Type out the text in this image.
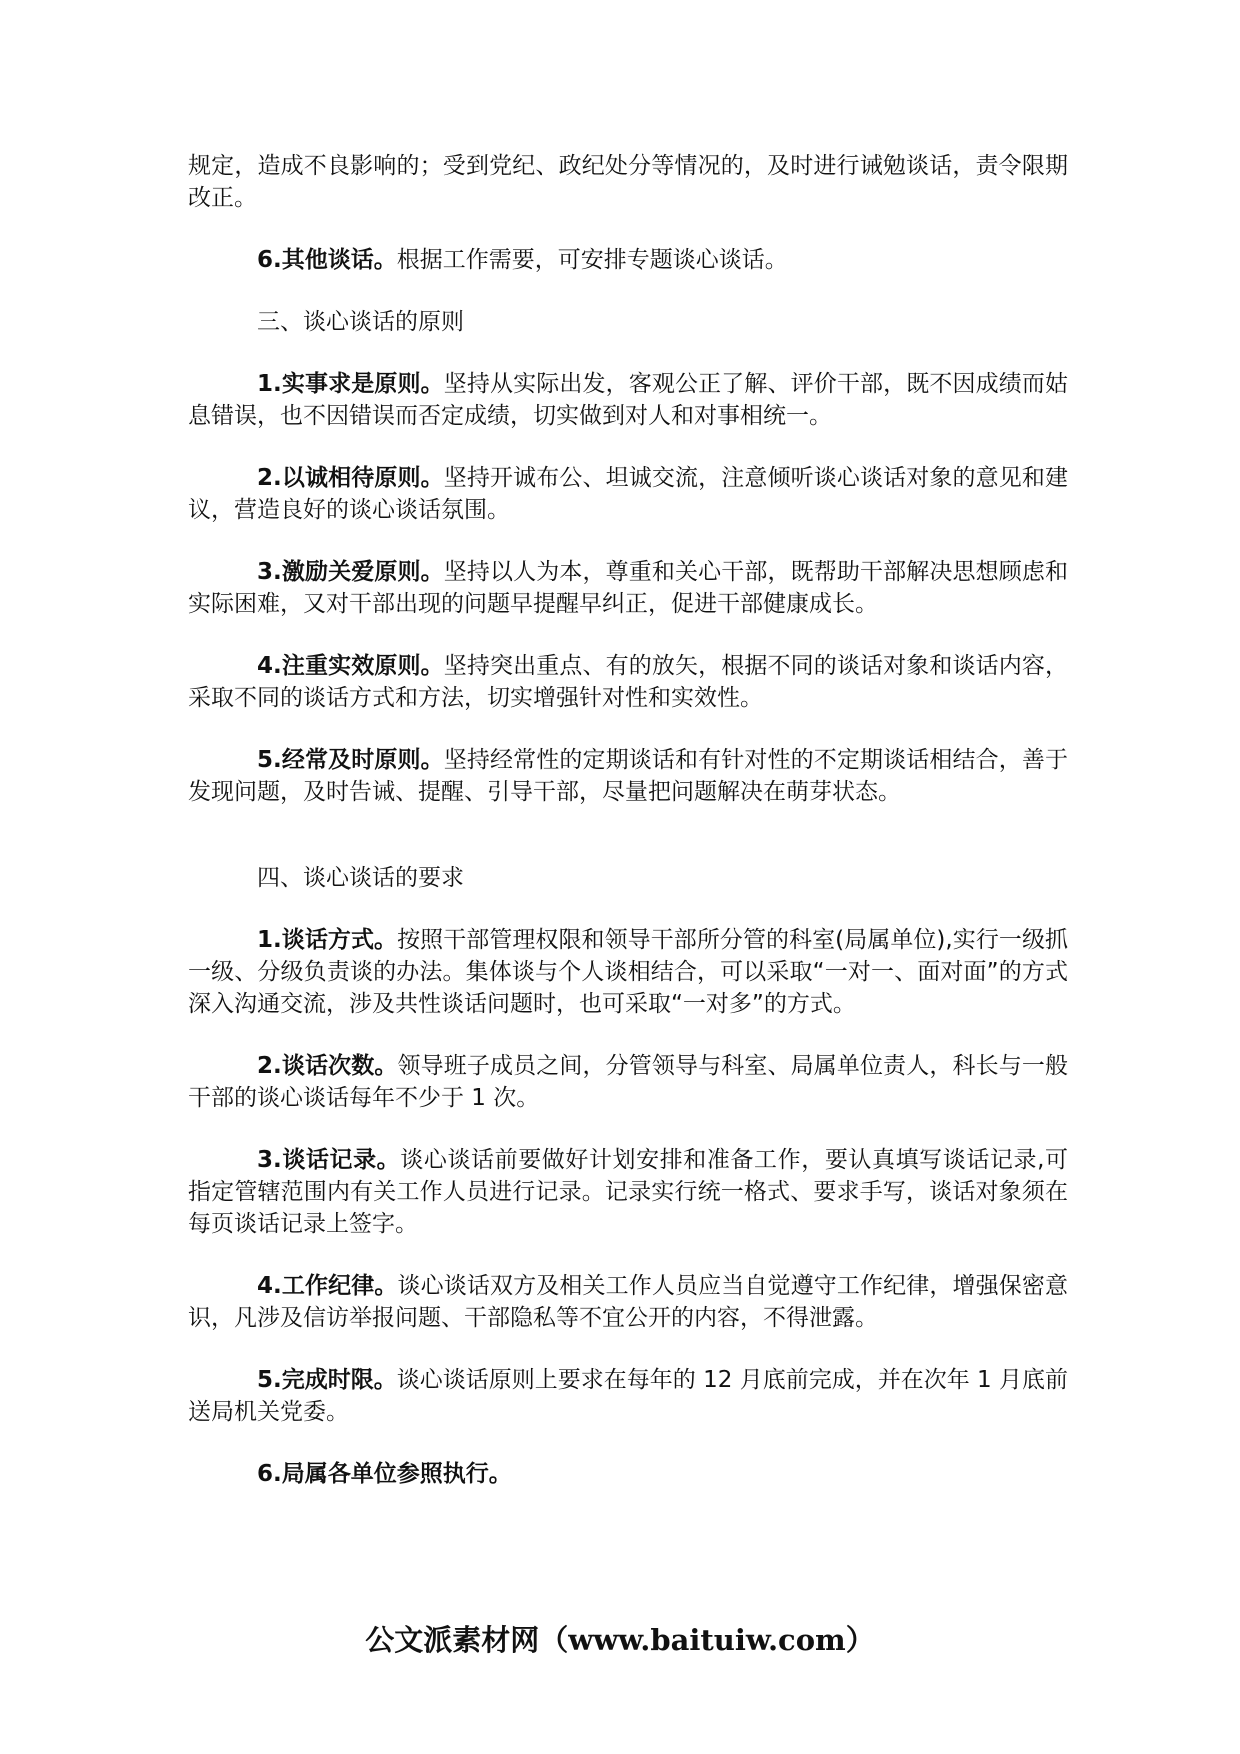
规定，造成不良影响的；受到党纪、政纪处分等情况的，及时进行诫勉谈话，责令限期改正。

6.其他谈话。根据工作需要，可安排专题谈心谈话。

三、谈心谈话的原则

1.实事求是原则。坚持从实际出发，客观公正了解、评价干部，既不因成绩而姑息错误，也不因错误而否定成绩，切实做到对人和对事相统一。

2.以诚相待原则。坚持开诚布公、坦诚交流，注意倾听谈心谈话对象的意见和建议，营造良好的谈心谈话氛围。

3.激励关爱原则。坚持以人为本，尊重和关心干部，既帮助干部解决思想顾虑和实际困难，又对干部出现的问题早提醒早纠正，促进干部健康成长。

4.注重实效原则。坚持突出重点、有的放矢，根据不同的谈话对象和谈话内容，采取不同的谈话方式和方法，切实增强针对性和实效性。

5.经常及时原则。坚持经常性的定期谈话和有针对性的不定期谈话相结合，善于发现问题，及时告诫、提醒、引导干部，尽量把问题解决在萌芽状态。

四、谈心谈话的要求

1.谈话方式。按照干部管理权限和领导干部所分管的科室(局属单位),实行一级抓一级、分级负责谈的办法。集体谈与个人谈相结合，可以采取“一对一、面对面”的方式深入沟通交流，涉及共性谈话问题时，也可采取“一对多”的方式。

2.谈话次数。领导班子成员之间，分管领导与科室、局属单位责人，科长与一般干部的谈心谈话每年不少于 1 次。

3.谈话记录。谈心谈话前要做好计划安排和准备工作，要认真填写谈话记录,可指定管辖范围内有关工作人员进行记录。记录实行统一格式、要求手写，谈话对象须在每页谈话记录上签字。

4.工作纪律。谈心谈话双方及相关工作人员应当自觉遵守工作纪律，增强保密意识，凡涉及信访举报问题、干部隐私等不宜公开的内容，不得泄露。

5.完成时限。谈心谈话原则上要求在每年的 12 月底前完成，并在次年 1 月底前送局机关党委。

6.局属各单位参照执行。

公文派素材网（www.baituiw.com）
